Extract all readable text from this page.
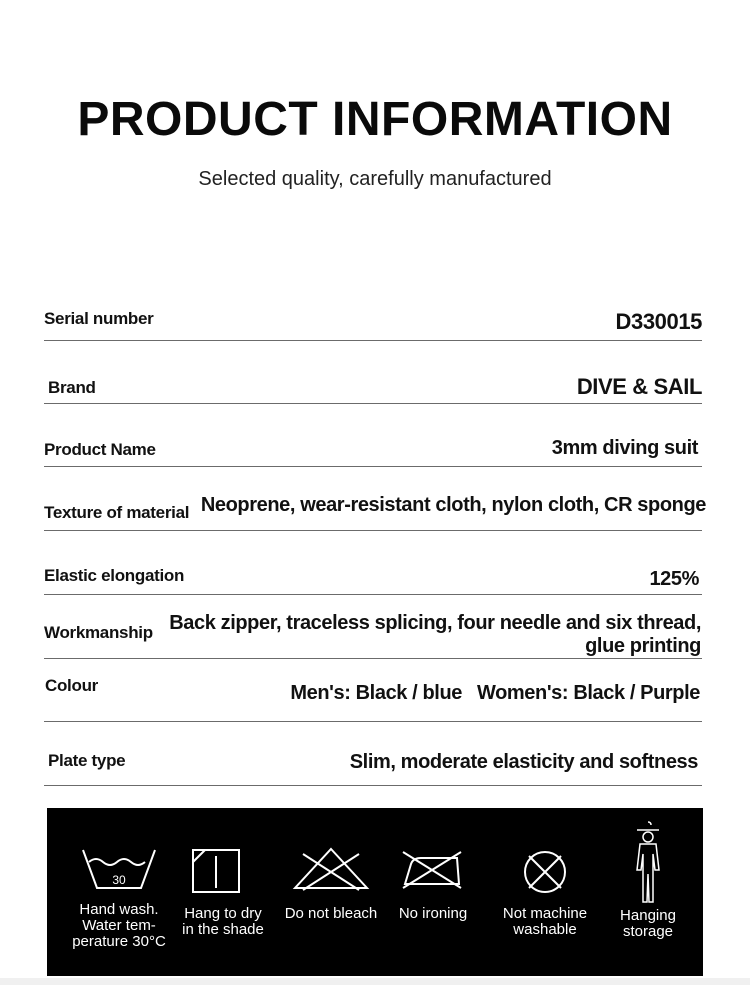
PRODUCT INFORMATION
Selected quality, carefully manufactured
Serial number	D330015
Brand	DIVE & SAIL
Product Name	3mm diving suit
Texture of material Neoprene, wear-resistant cloth, nylon cloth, CR sponge
Elastic elongation	125%
Workmanship Back zipper, traceless splicing, four needle and six thread,
glue printing
Colour	Men's: Black / blue Women's: Black / Purple
Plate type	Slim, moderate elasticity and softness
30
Hand wash.
Water tem-
perature 30°C
Hang to dry
in the shade
Do not bleach	No ironing	Not machine
washable
Hanging
storage
